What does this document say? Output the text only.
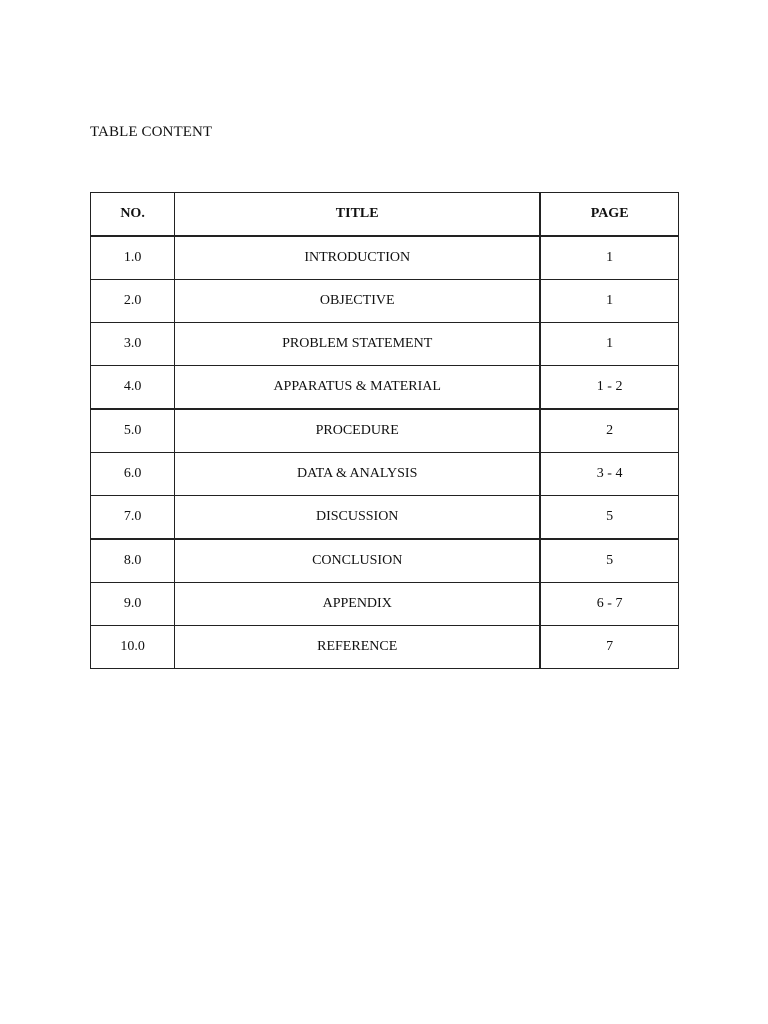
TABLE CONTENT
NO.	TITLE	PAGE
1.0	INTRODUCTION	1
2.0	OBJECTIVE	1
3.0	PROBLEM STATEMENT	1
4.0	APPARATUS & MATERIAL	1 - 2
5.0	PROCEDURE	2
6.0	DATA & ANALYSIS	3 - 4
7.0	DISCUSSION	5
8.0	CONCLUSION	5
9.0	APPENDIX	6 - 7
10.0	REFERENCE	7
